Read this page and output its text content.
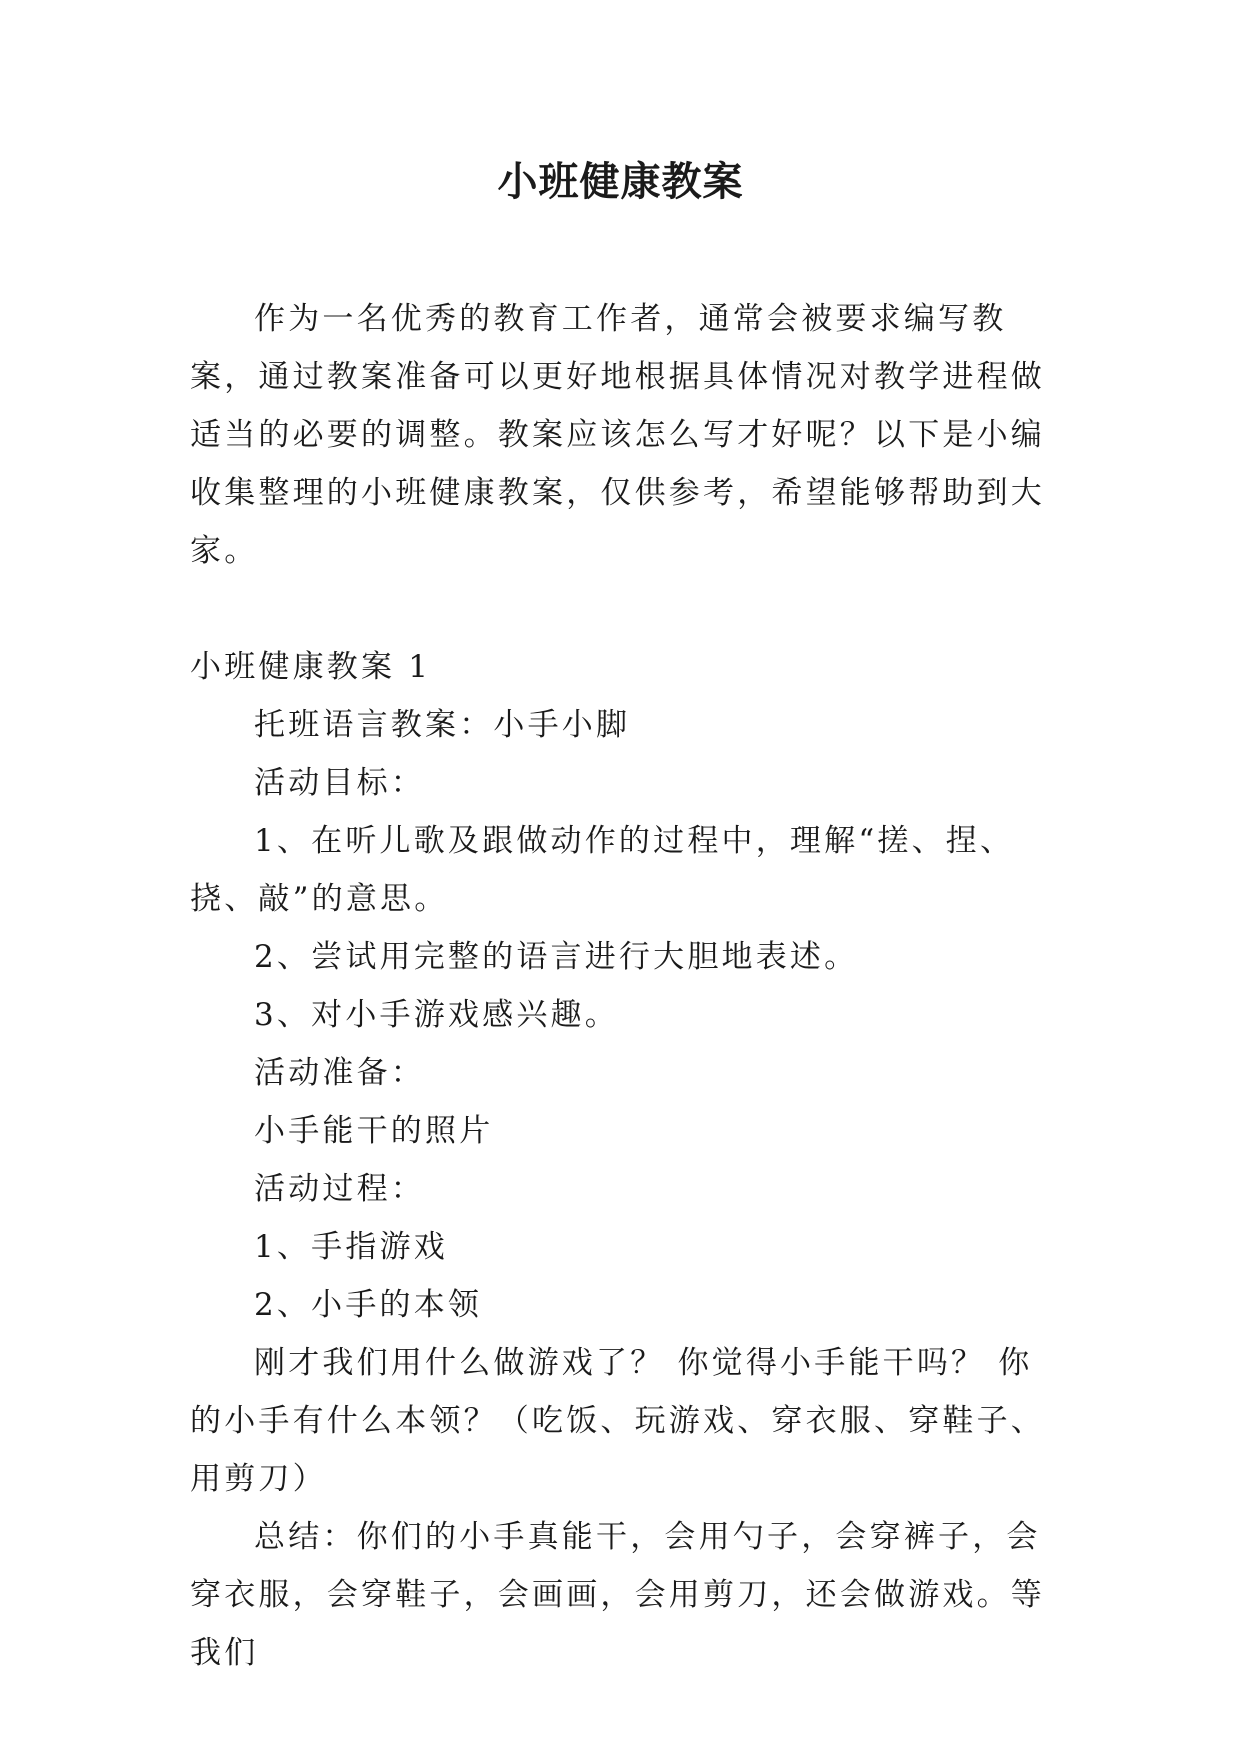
小班健康教案

作为一名优秀的教育工作者，通常会被要求编写教案，通过教案准备可以更好地根据具体情况对教学进程做适当的必要的调整。教案应该怎么写才好呢？以下是小编收集整理的小班健康教案，仅供参考，希望能够帮助到大家。

小班健康教案 1

托班语言教案：小手小脚

活动目标：

1、在听儿歌及跟做动作的过程中，理解“搓、捏、挠、敲”的意思。

2、尝试用完整的语言进行大胆地表述。

3、对小手游戏感兴趣。

活动准备：

小手能干的照片

活动过程：

1、手指游戏

2、小手的本领

刚才我们用什么做游戏了？ 你觉得小手能干吗？ 你的小手有什么本领？（吃饭、玩游戏、穿衣服、穿鞋子、用剪刀）

总结：你们的小手真能干，会用勺子，会穿裤子，会穿衣服，会穿鞋子，会画画，会用剪刀，还会做游戏。等我们
